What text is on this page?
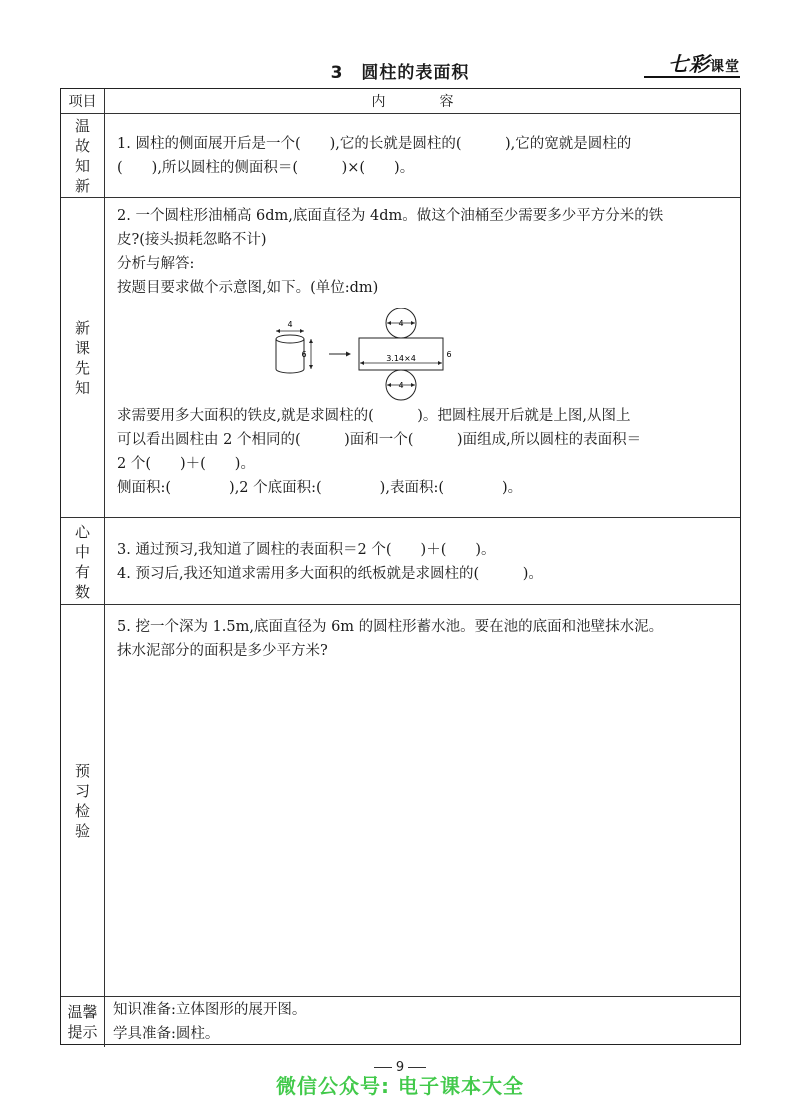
3　圆柱的表面积	七彩课堂
项目	内　容
温故知新
1. 圆柱的侧面展开后是一个(　　),它的长就是圆柱的(　　　),它的宽就是圆柱的
(　　),所以圆柱的侧面积＝(　　　)×(　　)。
新课先知
2. 一个圆柱形油桶高 6dm,底面直径为 4dm。做这个油桶至少需要多少平方分米的铁
皮?(接头损耗忽略不计)
分析与解答:
按题目要求做个示意图,如下。(单位:dm)
4
6
4
3.14×4	6
4
求需要用多大面积的铁皮,就是求圆柱的(　　　)。把圆柱展开后就是上图,从图上
可以看出圆柱由 2 个相同的(　　　)面和一个(　　　)面组成,所以圆柱的表面积＝
2 个(　　)＋(　　)。
侧面积:(　　　　),2 个底面积:(　　　　),表面积:(　　　　)。
心中有数
3. 通过预习,我知道了圆柱的表面积＝2 个(　　)＋(　　)。
4. 预习后,我还知道求需用多大面积的纸板就是求圆柱的(　　　)。
预习检验
5. 挖一个深为 1.5m,底面直径为 6m 的圆柱形蓄水池。要在池的底面和池壁抹水泥。
抹水泥部分的面积是多少平方米?
温馨提示
知识准备:立体图形的展开图。
学具准备:圆柱。
9
微信公众号: 电子课本大全
